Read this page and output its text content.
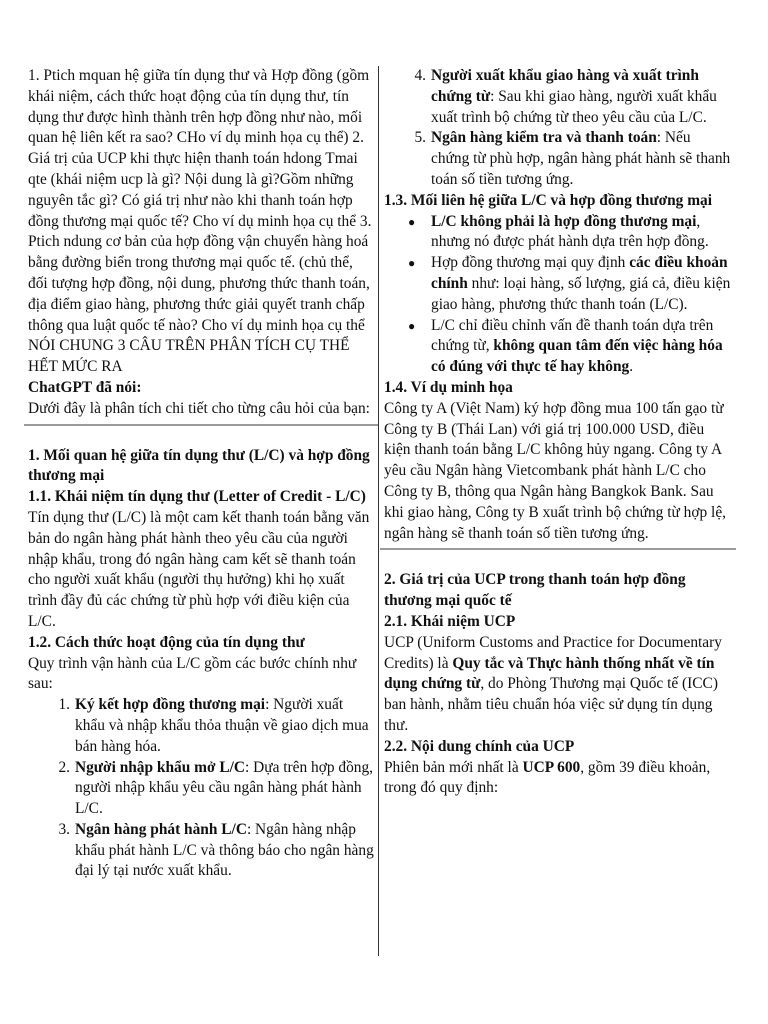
1. Ptich mquan hệ giữa tín dụng thư và Hợp đồng (gồm khái niệm, cách thức hoạt động của tín dụng thư, tín dụng thư được hình thành trên hợp đồng như nào, mối quan hệ liên kết ra sao? CHo ví dụ minh họa cụ thể) 2. Giá trị của UCP khi thực hiện thanh toán hdong Tmai qte (khái niệm ucp là gì? Nội dung là gì?Gồm những nguyên tắc gì? Có giá trị như nào khi thanh toán hợp đồng thương mại quốc tế? Cho ví dụ minh họa cụ thể 3. Ptich ndung cơ bản của hợp đồng vận chuyển hàng hoá bằng đường biển trong thương mại quốc tế. (chủ thể, đối tượng hợp đồng, nội dung, phương thức thanh toán, địa điểm giao hàng, phương thức giải quyết tranh chấp thông qua luật quốc tế nào? Cho ví dụ minh họa cụ thể NÓI CHUNG 3 CÂU TRÊN PHÂN TÍCH CỤ THỂ HẾT MỨC RA

ChatGPT đã nói:

Dưới đây là phân tích chi tiết cho từng câu hỏi của bạn:

1. Mối quan hệ giữa tín dụng thư (L/C) và hợp đồng thương mại

1.1. Khái niệm tín dụng thư (Letter of Credit - L/C)

Tín dụng thư (L/C) là một cam kết thanh toán bằng văn bản do ngân hàng phát hành theo yêu cầu của người nhập khẩu, trong đó ngân hàng cam kết sẽ thanh toán cho người xuất khẩu (người thụ hưởng) khi họ xuất trình đầy đủ các chứng từ phù hợp với điều kiện của L/C.

1.2. Cách thức hoạt động của tín dụng thư

Quy trình vận hành của L/C gồm các bước chính như sau:

1. Ký kết hợp đồng thương mại: Người xuất khẩu và nhập khẩu thỏa thuận về giao dịch mua bán hàng hóa.
2. Người nhập khẩu mở L/C: Dựa trên hợp đồng, người nhập khẩu yêu cầu ngân hàng phát hành L/C.
3. Ngân hàng phát hành L/C: Ngân hàng nhập khẩu phát hành L/C và thông báo cho ngân hàng đại lý tại nước xuất khẩu.
4. Người xuất khẩu giao hàng và xuất trình chứng từ: Sau khi giao hàng, người xuất khẩu xuất trình bộ chứng từ theo yêu cầu của L/C.
5. Ngân hàng kiểm tra và thanh toán: Nếu chứng từ phù hợp, ngân hàng phát hành sẽ thanh toán số tiền tương ứng.

1.3. Mối liên hệ giữa L/C và hợp đồng thương mại

● L/C không phải là hợp đồng thương mại, nhưng nó được phát hành dựa trên hợp đồng.
● Hợp đồng thương mại quy định các điều khoản chính như: loại hàng, số lượng, giá cả, điều kiện giao hàng, phương thức thanh toán (L/C).
● L/C chỉ điều chỉnh vấn đề thanh toán dựa trên chứng từ, không quan tâm đến việc hàng hóa có đúng với thực tế hay không.

1.4. Ví dụ minh họa

Công ty A (Việt Nam) ký hợp đồng mua 100 tấn gạo từ Công ty B (Thái Lan) với giá trị 100.000 USD, điều kiện thanh toán bằng L/C không hủy ngang. Công ty A yêu cầu Ngân hàng Vietcombank phát hành L/C cho Công ty B, thông qua Ngân hàng Bangkok Bank. Sau khi giao hàng, Công ty B xuất trình bộ chứng từ hợp lệ, ngân hàng sẽ thanh toán số tiền tương ứng.

2. Giá trị của UCP trong thanh toán hợp đồng thương mại quốc tế

2.1. Khái niệm UCP

UCP (Uniform Customs and Practice for Documentary Credits) là Quy tắc và Thực hành thống nhất về tín dụng chứng từ, do Phòng Thương mại Quốc tế (ICC) ban hành, nhằm tiêu chuẩn hóa việc sử dụng tín dụng thư.

2.2. Nội dung chính của UCP

Phiên bản mới nhất là UCP 600, gồm 39 điều khoản, trong đó quy định:
